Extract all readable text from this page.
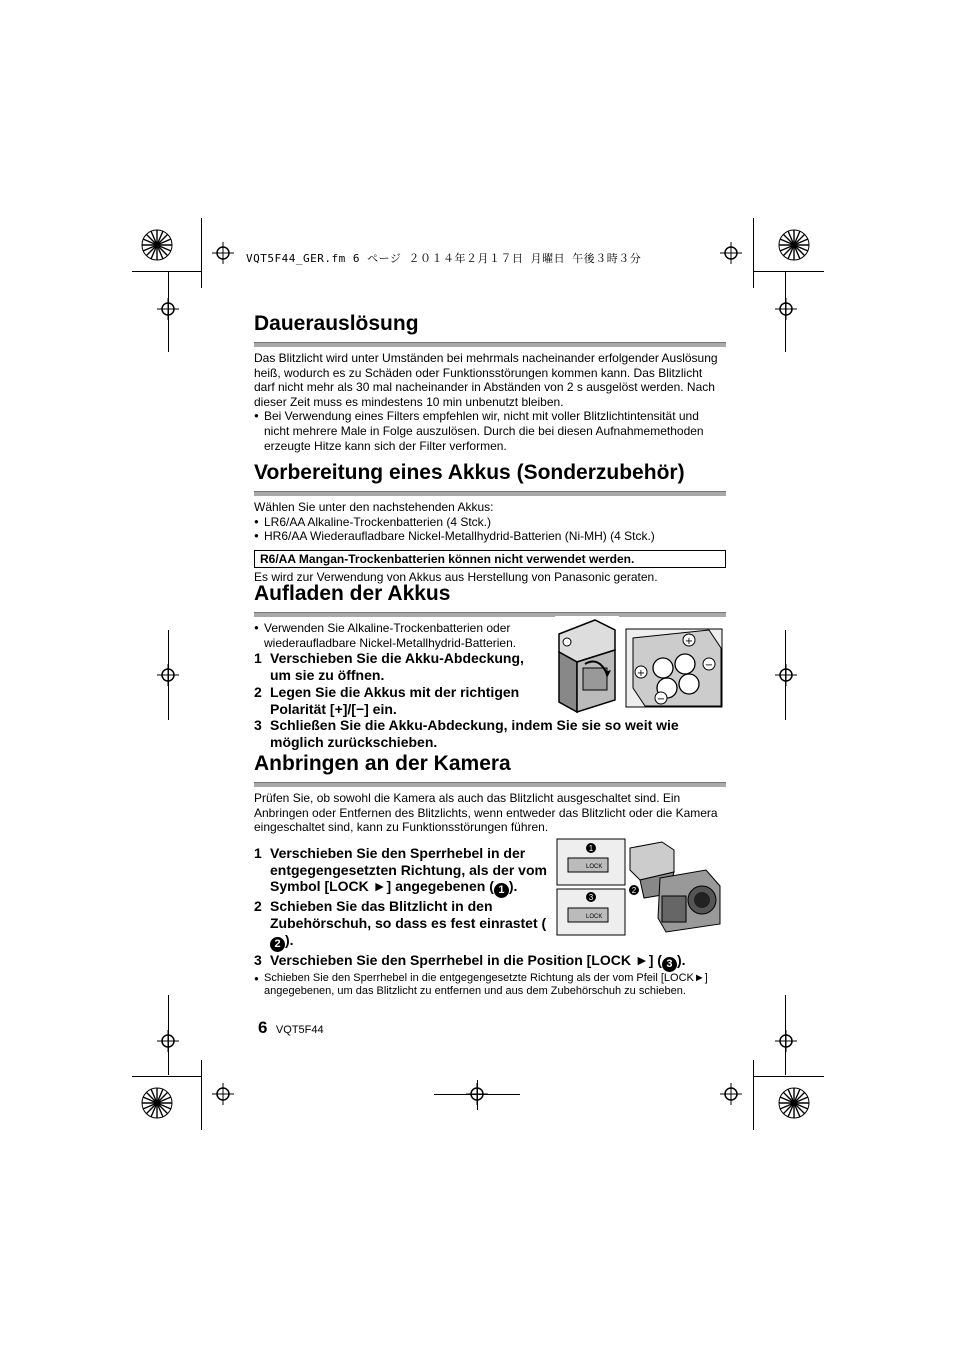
VQT5F44_GER.fm 6 ページ ２０１４年２月１７日 月曜日 午後３時３分
Dauerauslösung

Das Blitzlicht wird unter Umständen bei mehrmals nacheinander erfolgender Auslösung heiß, wodurch es zu Schäden oder Funktionsstörungen kommen kann. Das Blitzlicht darf nicht mehr als 30 mal nacheinander in Abständen von 2 s ausgelöst werden. Nach dieser Zeit muss es mindestens 10 min unbenutzt bleiben.

● Bei Verwendung eines Filters empfehlen wir, nicht mit voller Blitzlichtintensität und nicht mehrere Male in Folge auszulösen. Durch die bei diesen Aufnahmemethoden erzeugte Hitze kann sich der Filter verformen.
Vorbereitung eines Akkus (Sonderzubehör)

Wählen Sie unter den nachstehenden Akkus:

● LR6/AA Alkaline-Trockenbatterien (4 Stck.)
● HR6/AA Wiederaufladbare Nickel-Metallhydrid-Batterien (Ni-MH) (4 Stck.)
R6/AA Mangan-Trockenbatterien können nicht verwendet werden.

Es wird zur Verwendung von Akkus aus Herstellung von Panasonic geraten.

Aufladen der Akkus
● Verwenden Sie Alkaline-Trockenbatterien oder wiederaufladbare Nickel-Metallhydrid-Batterien.
1 Verschieben Sie die Akku-Abdeckung, um sie zu öffnen.
2 Legen Sie die Akkus mit der richtigen Polarität [+]/[−] ein.
3 Schließen Sie die Akku-Abdeckung, indem Sie sie so weit wie möglich zurückschieben.
+
+
−
−
Anbringen an der Kamera

Prüfen Sie, ob sowohl die Kamera als auch das Blitzlicht ausgeschaltet sind. Ein Anbringen oder Entfernen des Blitzlichts, wenn entweder das Blitzlicht oder die Kamera eingeschaltet sind, kann zu Funktionsstörungen führen.

1 Verschieben Sie den Sperrhebel in der entgegengesetzten Richtung, als der vom Symbol [LOCK ►] angegebenen ( 1 ).
2 Schieben Sie das Blitzlicht in den Zubehörschuh, so dass es fest einrastet (2 ).
3 Verschieben Sie den Sperrhebel in die Position [LOCK ►] ( 3 ).
● Schieben Sie den Sperrhebel in die entgegengesetzte Richtung als der vom Pfeil [LOCK►] angegebenen, um das Blitzlicht zu entfernen und aus dem Zubehörschuh zu schieben.
LOCK
LOCK
1
3
2
6 VQT5F44
